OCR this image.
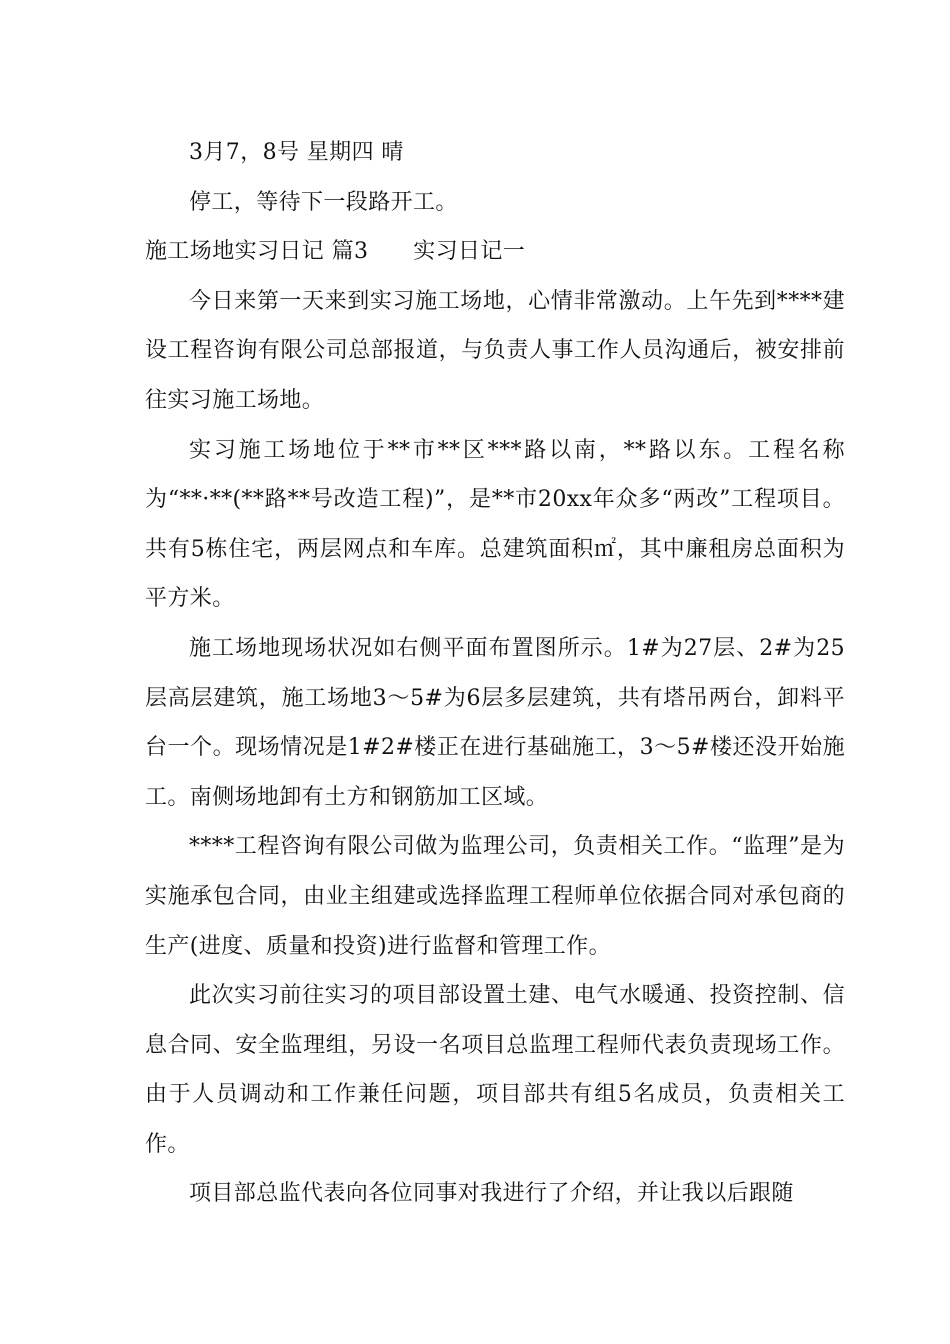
3月7，8号 星期四 晴

停工，等待下一段路开工。

施工场地实习日记 篇3　　实习日记一

今日来第一天来到实习施工场地，心情非常激动。上午先到****建设工程咨询有限公司总部报道，与负责人事工作人员沟通后，被安排前往实习施工场地。

实习施工场地位于**市**区***路以南，**路以东。工程名称为“**·**(**路**号改造工程)”，是**市20xx年众多“两改”工程项目。共有5栋住宅，两层网点和车库。总建筑面积㎡，其中廉租房总面积为平方米。

施工场地现场状况如右侧平面布置图所示。1#为27层、2#为25层高层建筑，施工场地3～5#为6层多层建筑，共有塔吊两台，卸料平台一个。现场情况是1#2#楼正在进行基础施工，3～5#楼还没开始施工。南侧场地卸有土方和钢筋加工区域。

****工程咨询有限公司做为监理公司，负责相关工作。“监理”是为实施承包合同，由业主组建或选择监理工程师单位依据合同对承包商的生产(进度、质量和投资)进行监督和管理工作。

此次实习前往实习的项目部设置土建、电气水暖通、投资控制、信息合同、安全监理组，另设一名项目总监理工程师代表负责现场工作。由于人员调动和工作兼任问题，项目部共有组5名成员，负责相关工作。

项目部总监代表向各位同事对我进行了介绍，并让我以后跟随
